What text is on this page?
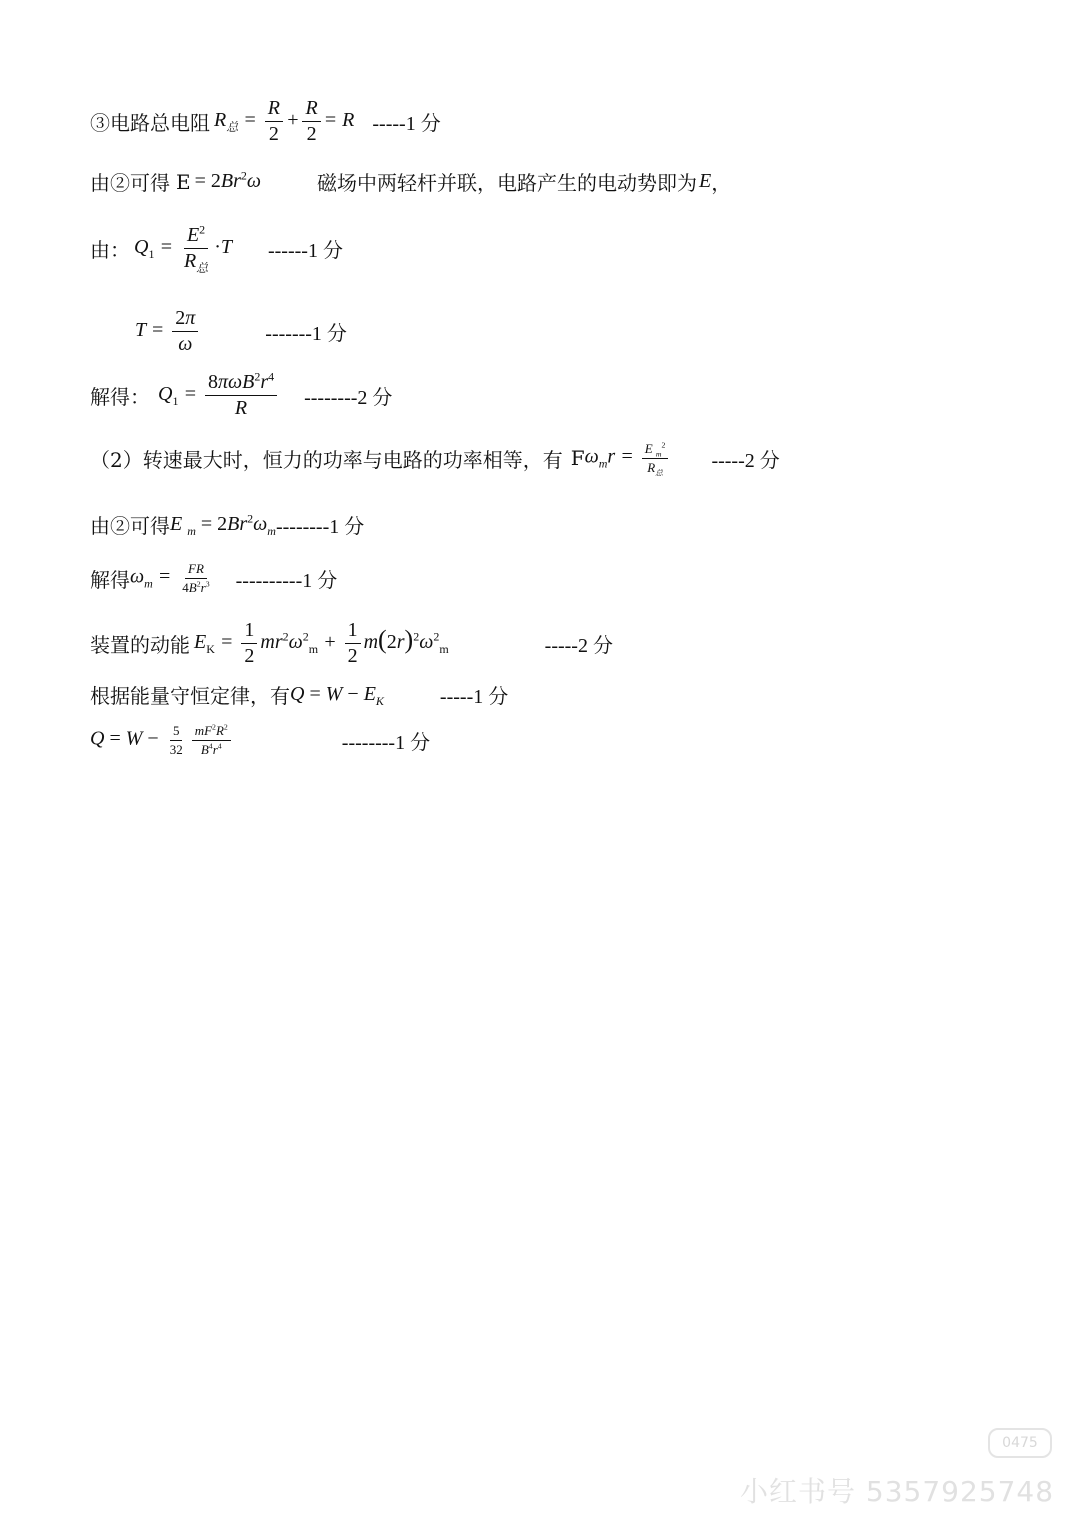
③电路总电阻 $R_总 = \frac{R}{2} + \frac{R}{2} = R$ -----1 分
由②可得 $E = 2Br^2\omega$	磁场中两轻杆并联，电路产生的电动势即为 E ，
由： $Q_1 = \frac{E^2}{R_总} \cdot T$ ------1 分
$T = \frac{2\pi}{\omega}$	-------1 分
解得： $Q_1 = \frac{8\pi\omega B^2r^4}{R} --------2$ 分
（2）转速最大时，恒力的功率与电路的功率相等，有 F $\omega_mr = \frac{E _m^2}{R_总} -----2$ 分
由②可得 E $_m = 2Br^2\omega_m$ --------1 分
解得 $\omega_m = \frac{FR}{4B^2r^3} ----------1$ 分
装置的动能 $E_K = \frac{1}{2} mr^2\omega^2_m + \frac{1}{2} m(2r)^2\omega^2_m$	-----2 分
根据能量守恒定律，有 $Q = W - E_K$	-----1 分
$Q = W - \frac{5}{32} \frac{mF^2R^2}{B^4r^4}$	--------1 分
0475
小红书号 5357925748
